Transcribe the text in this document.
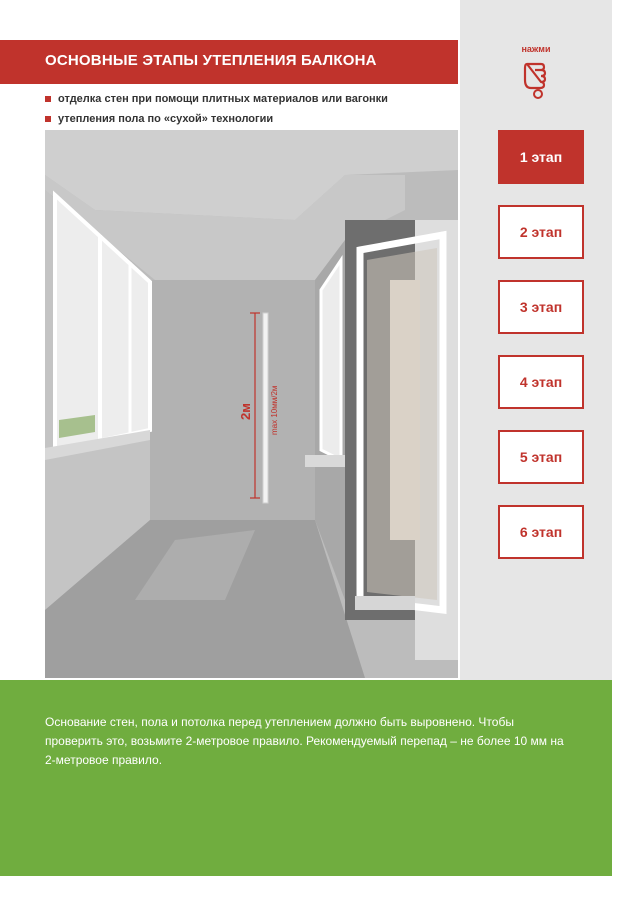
ОСНОВНЫЕ ЭТАПЫ УТЕПЛЕНИЯ БАЛКОНА
отделка стен при помощи плитных материалов или вагонки
утепления пола по «сухой» технологии
2м max 10мм/2м
нажми
1 этап
2 этап
3 этап
4 этап
5 этап
6 этап

Основание стен, пола и потолка перед утеплением должно быть выровнено. Чтобы проверить это, возьмите 2-метровое правило. Рекомендуемый перепад – не более 10 мм на 2-метровое правило.
